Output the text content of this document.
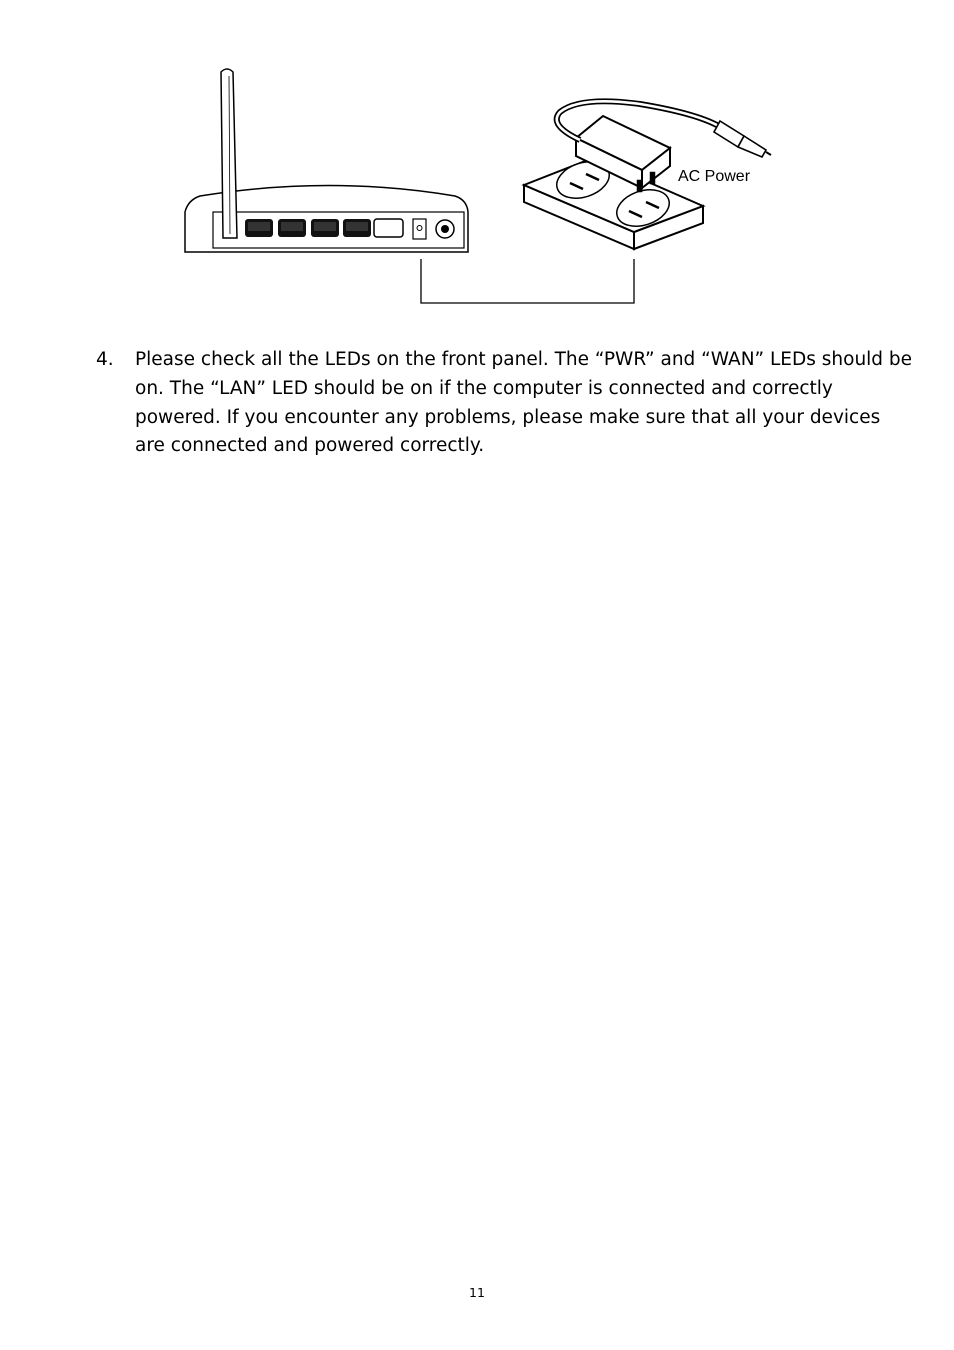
AC Power
4. Please check all the LEDs on the front panel. The “PWR” and “WAN” LEDs should be
on. The “LAN” LED should be on if the computer is connected and correctly
powered. If you encounter any problems, please make sure that all your devices
are connected and powered correctly.
11
